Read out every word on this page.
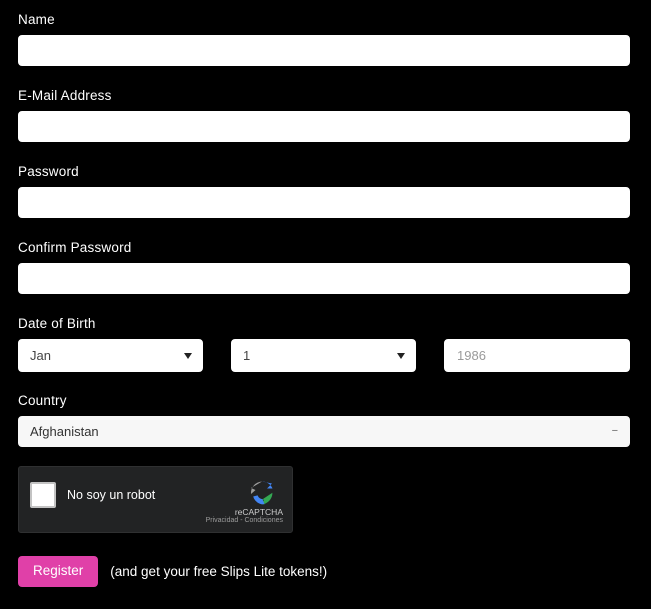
Name
E-Mail Address
Password
Confirm Password
Date of Birth
Jan	1	1986
Country
Afghanistan	−
No soy un robot
reCAPTCHA
Privacidad - Condiciones
Register	(and get your free Slips Lite tokens!)
